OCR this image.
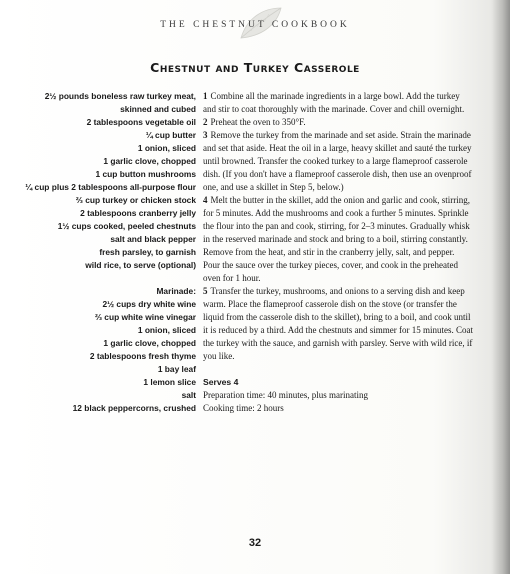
THE CHESTNUT COOKBOOK
Chestnut and Turkey Casserole
2½ pounds boneless raw turkey meat,
skinned and cubed
2 tablespoons vegetable oil
¼ cup butter
1 onion, sliced
1 garlic clove, chopped
1 cup button mushrooms
¼ cup plus 2 tablespoons all-purpose flour
⅔ cup turkey or chicken stock
2 tablespoons cranberry jelly
1½ cups cooked, peeled chestnuts
salt and black pepper
fresh parsley, to garnish
wild rice, to serve (optional)
Marinade:
2½ cups dry white wine
⅔ cup white wine vinegar
1 onion, sliced
1 garlic clove, chopped
2 tablespoons fresh thyme
1 bay leaf
1 lemon slice
salt
12 black peppercorns, crushed

1 Combine all the marinade ingredients in a large bowl. Add the turkey and stir to coat thoroughly with the marinade. Cover and chill overnight.

2 Preheat the oven to 350°F.

3 Remove the turkey from the marinade and set aside. Strain the marinade and set that aside. Heat the oil in a large, heavy skillet and sauté the turkey until browned. Transfer the cooked turkey to a large flameproof casserole dish. (If you don't have a flameproof casserole dish, then use an ovenproof one, and use a skillet in Step 5, below.)

4 Melt the butter in the skillet, add the onion and garlic and cook, stirring, for 5 minutes. Add the mushrooms and cook a further 5 minutes. Sprinkle the flour into the pan and cook, stirring, for 2–3 minutes. Gradually whisk in the reserved marinade and stock and bring to a boil, stirring constantly. Remove from the heat, and stir in the cranberry jelly, salt, and pepper. Pour the sauce over the turkey pieces, cover, and cook in the preheated oven for 1 hour.

5 Transfer the turkey, mushrooms, and onions to a serving dish and keep warm. Place the flameproof casserole dish on the stove (or transfer the liquid from the casserole dish to the skillet), bring to a boil, and cook until it is reduced by a third. Add the chestnuts and simmer for 15 minutes. Coat the turkey with the sauce, and garnish with parsley. Serve with wild rice, if you like.

Serves 4

Preparation time: 40 minutes, plus marinating

Cooking time: 2 hours

32
